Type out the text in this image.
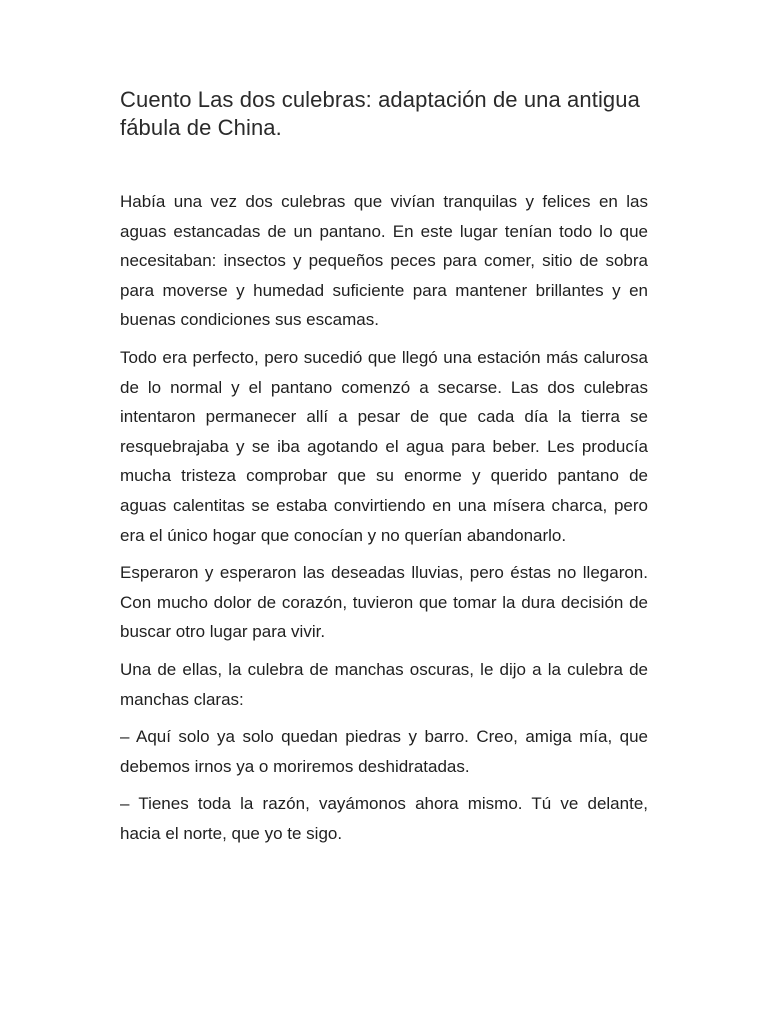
Cuento Las dos culebras: adaptación de una antigua fábula de China.

Había una vez dos culebras que vivían tranquilas y felices en las aguas estancadas de un pantano. En este lugar tenían todo lo que necesitaban: insectos y pequeños peces para comer, sitio de sobra para moverse y humedad suficiente para mantener brillantes y en buenas condiciones sus escamas.

Todo era perfecto, pero sucedió que llegó una estación más calurosa de lo normal y el pantano comenzó a secarse. Las dos culebras intentaron permanecer allí a pesar de que cada día la tierra se resquebrajaba y se iba agotando el agua para beber. Les producía mucha tristeza comprobar que su enorme y querido pantano de aguas calentitas se estaba convirtiendo en una mísera charca, pero era el único hogar que conocían y no querían abandonarlo.

Esperaron y esperaron las deseadas lluvias, pero éstas no llegaron. Con mucho dolor de corazón, tuvieron que tomar la dura decisión de buscar otro lugar para vivir.

Una de ellas, la culebra de manchas oscuras, le dijo a la culebra de manchas claras:

– Aquí solo ya solo quedan piedras y barro. Creo, amiga mía, que debemos irnos ya o moriremos deshidratadas.

– Tienes toda la razón, vayámonos ahora mismo. Tú ve delante, hacia el norte, que yo te sigo.
